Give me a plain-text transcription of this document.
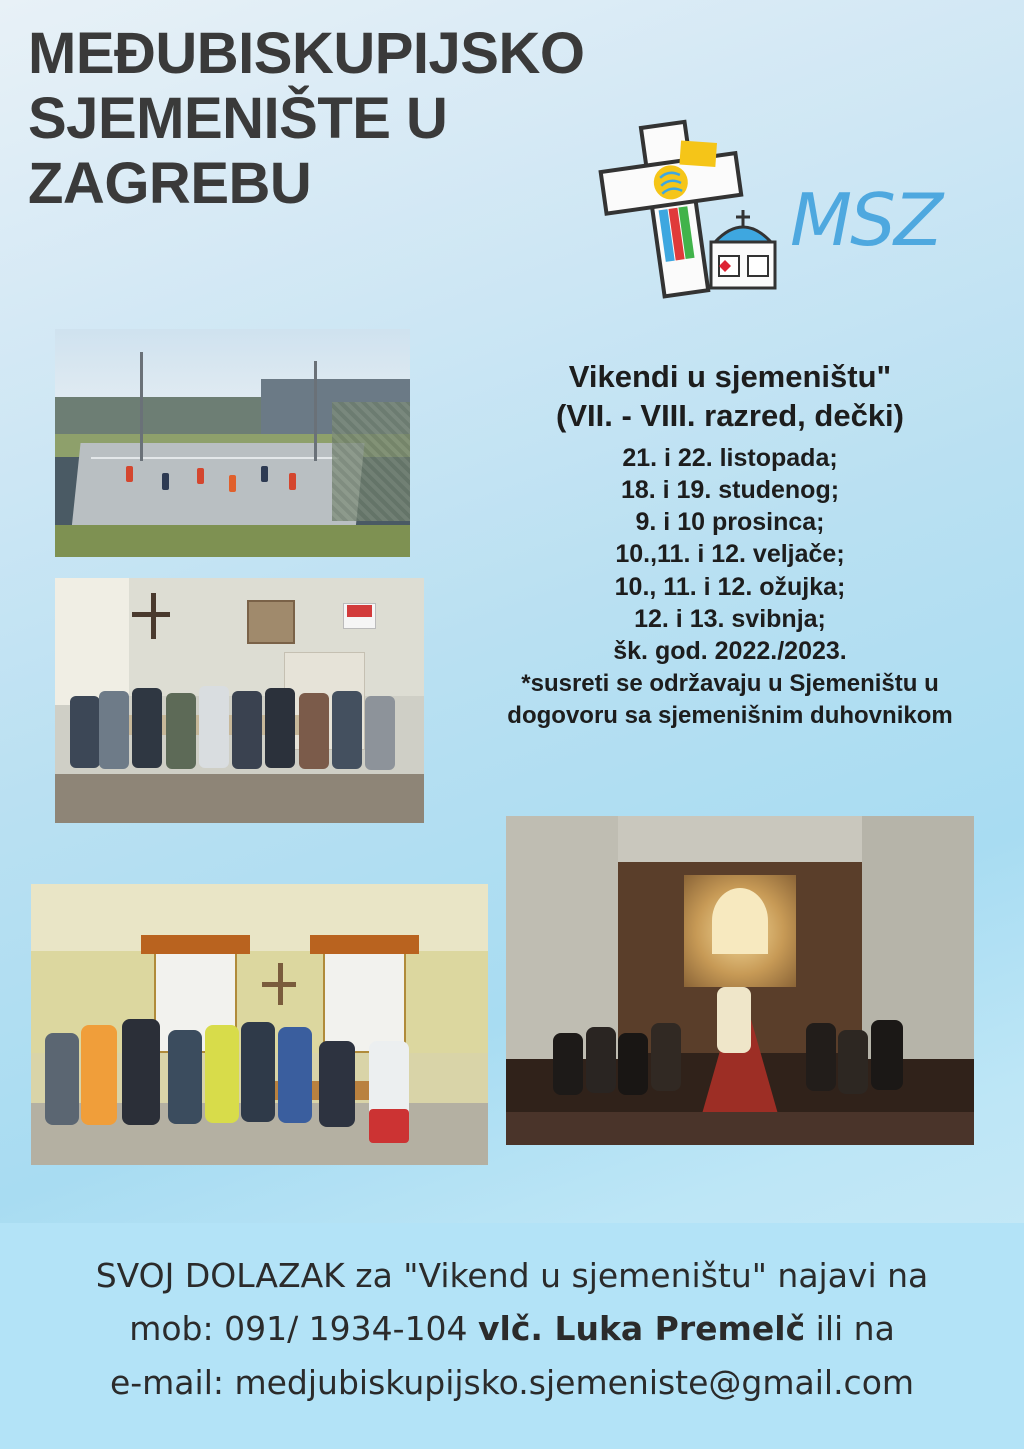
MEĐUBISKUPIJSKO
SJEMENIŠTE U
ZAGREBU	MSZ
Vikendi u sjemeništu"
(VII. - VIII. razred, dečki)
21. i 22. listopada;
18. i 19. studenog;
9. i 10 prosinca;
10.,11. i 12. veljače;
10., 11. i 12. ožujka;
12. i 13. svibnja;
šk. god. 2022./2023.
*susreti se održavaju u Sjemeništu u
dogovoru sa sjemenišnim duhovnikom
SVOJ DOLAZAK za "Vikend u sjemeništu" najavi na
mob: 091/ 1934-104 vlč. Luka Premelč ili na
e-mail: medjubiskupijsko.sjemeniste@gmail.com
